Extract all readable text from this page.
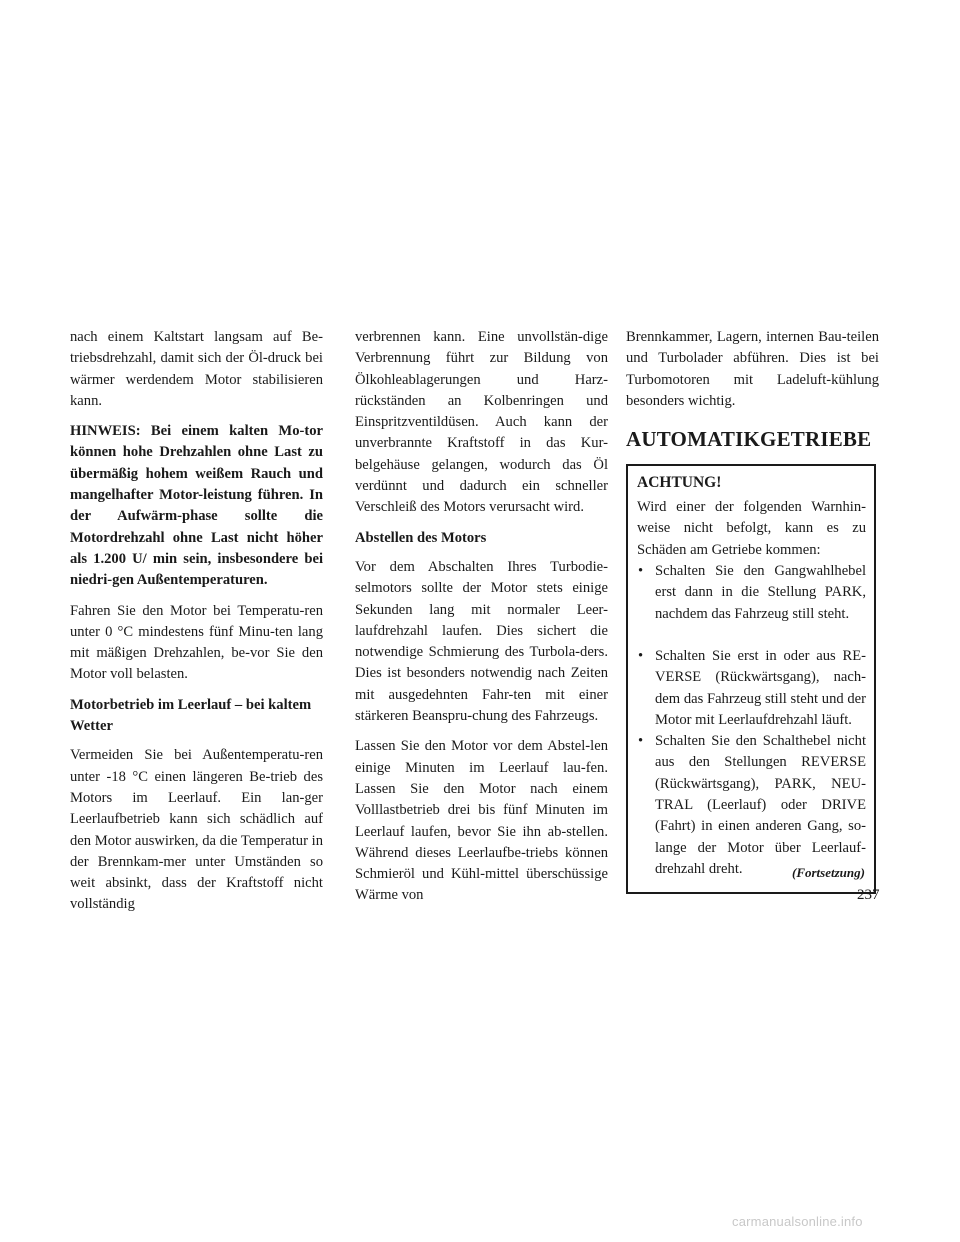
nach einem Kaltstart langsam auf Be-triebsdrehzahl, damit sich der Öl-druck bei wärmer werdendem Motor stabilisieren kann.

HINWEIS: Bei einem kalten Mo-tor können hohe Drehzahlen ohne Last zu übermäßig hohem weißem Rauch und mangelhafter Motor-leistung führen. In der Aufwärm-phase sollte die Motordrehzahl ohne Last nicht höher als 1.200 U/ min sein, insbesondere bei niedri-gen Außentemperaturen.

Fahren Sie den Motor bei Temperatu-ren unter 0 °C mindestens fünf Minu-ten lang mit mäßigen Drehzahlen, be-vor Sie den Motor voll belasten.

Motorbetrieb im Leerlauf – bei kaltem Wetter

Vermeiden Sie bei Außentemperatu-ren unter -18 °C einen längeren Be-trieb des Motors im Leerlauf. Ein lan-ger Leerlaufbetrieb kann sich schädlich auf den Motor auswirken, da die Temperatur in der Brennkam-mer unter Umständen so weit absinkt, dass der Kraftstoff nicht vollständig

verbrennen kann. Eine unvollstän-dige Verbrennung führt zur Bildung von Ölkohleablagerungen und Harz-rückständen an Kolbenringen und Einspritzventildüsen. Auch kann der unverbrannte Kraftstoff in das Kur-belgehäuse gelangen, wodurch das Öl verdünnt und dadurch ein schneller Verschleiß des Motors verursacht wird.

Abstellen des Motors

Vor dem Abschalten Ihres Turbodie-selmotors sollte der Motor stets einige Sekunden lang mit normaler Leer-laufdrehzahl laufen. Dies sichert die notwendige Schmierung des Turbola-ders. Dies ist besonders notwendig nach Zeiten mit ausgedehnten Fahr-ten mit einer stärkeren Beanspru-chung des Fahrzeugs.

Lassen Sie den Motor vor dem Abstel-len einige Minuten im Leerlauf lau-fen. Lassen Sie den Motor nach einem Volllastbetrieb drei bis fünf Minuten im Leerlauf laufen, bevor Sie ihn ab-stellen. Während dieses Leerlaufbe-triebs können Schmieröl und Kühl-mittel überschüssige Wärme von

Brennkammer, Lagern, internen Bau-teilen und Turbolader abführen. Dies ist bei Turbomotoren mit Ladeluft-kühlung besonders wichtig.

AUTOMATIKGETRIEBE
ACHTUNG!

Wird einer der folgenden Warnhin-weise nicht befolgt, kann es zu Schäden am Getriebe kommen:

• Schalten Sie den Gangwahlhebel erst dann in die Stellung PARK, nachdem das Fahrzeug still steht.
• Schalten Sie erst in oder aus RE-VERSE (Rückwärtsgang), nach-dem das Fahrzeug still steht und der Motor mit Leerlaufdrehzahl läuft.
• Schalten Sie den Schalthebel nicht aus den Stellungen REVERSE (Rückwärtsgang), PARK, NEU-TRAL (Leerlauf) oder DRIVE (Fahrt) in einen anderen Gang, so-lange der Motor über Leerlauf-drehzahl dreht.	(Fortsetzung)
237
carmanualsonline.info
